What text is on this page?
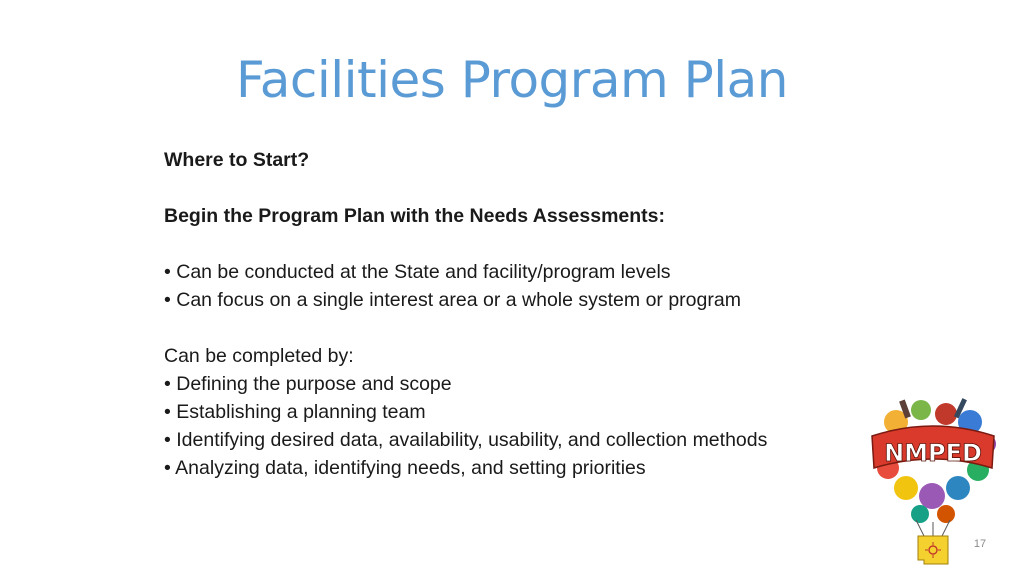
Facilities Program Plan

Where to Start?

Begin the Program Plan with the Needs Assessments:

• Can be conducted at the State and facility/program levels

• Can focus on a single interest area or a whole system or program

Can be completed by:

• Defining the purpose and scope

• Establishing a planning team

• Identifying desired data, availability, usability, and collection methods

• Analyzing data, identifying needs, and setting priorities

NMPED
17
